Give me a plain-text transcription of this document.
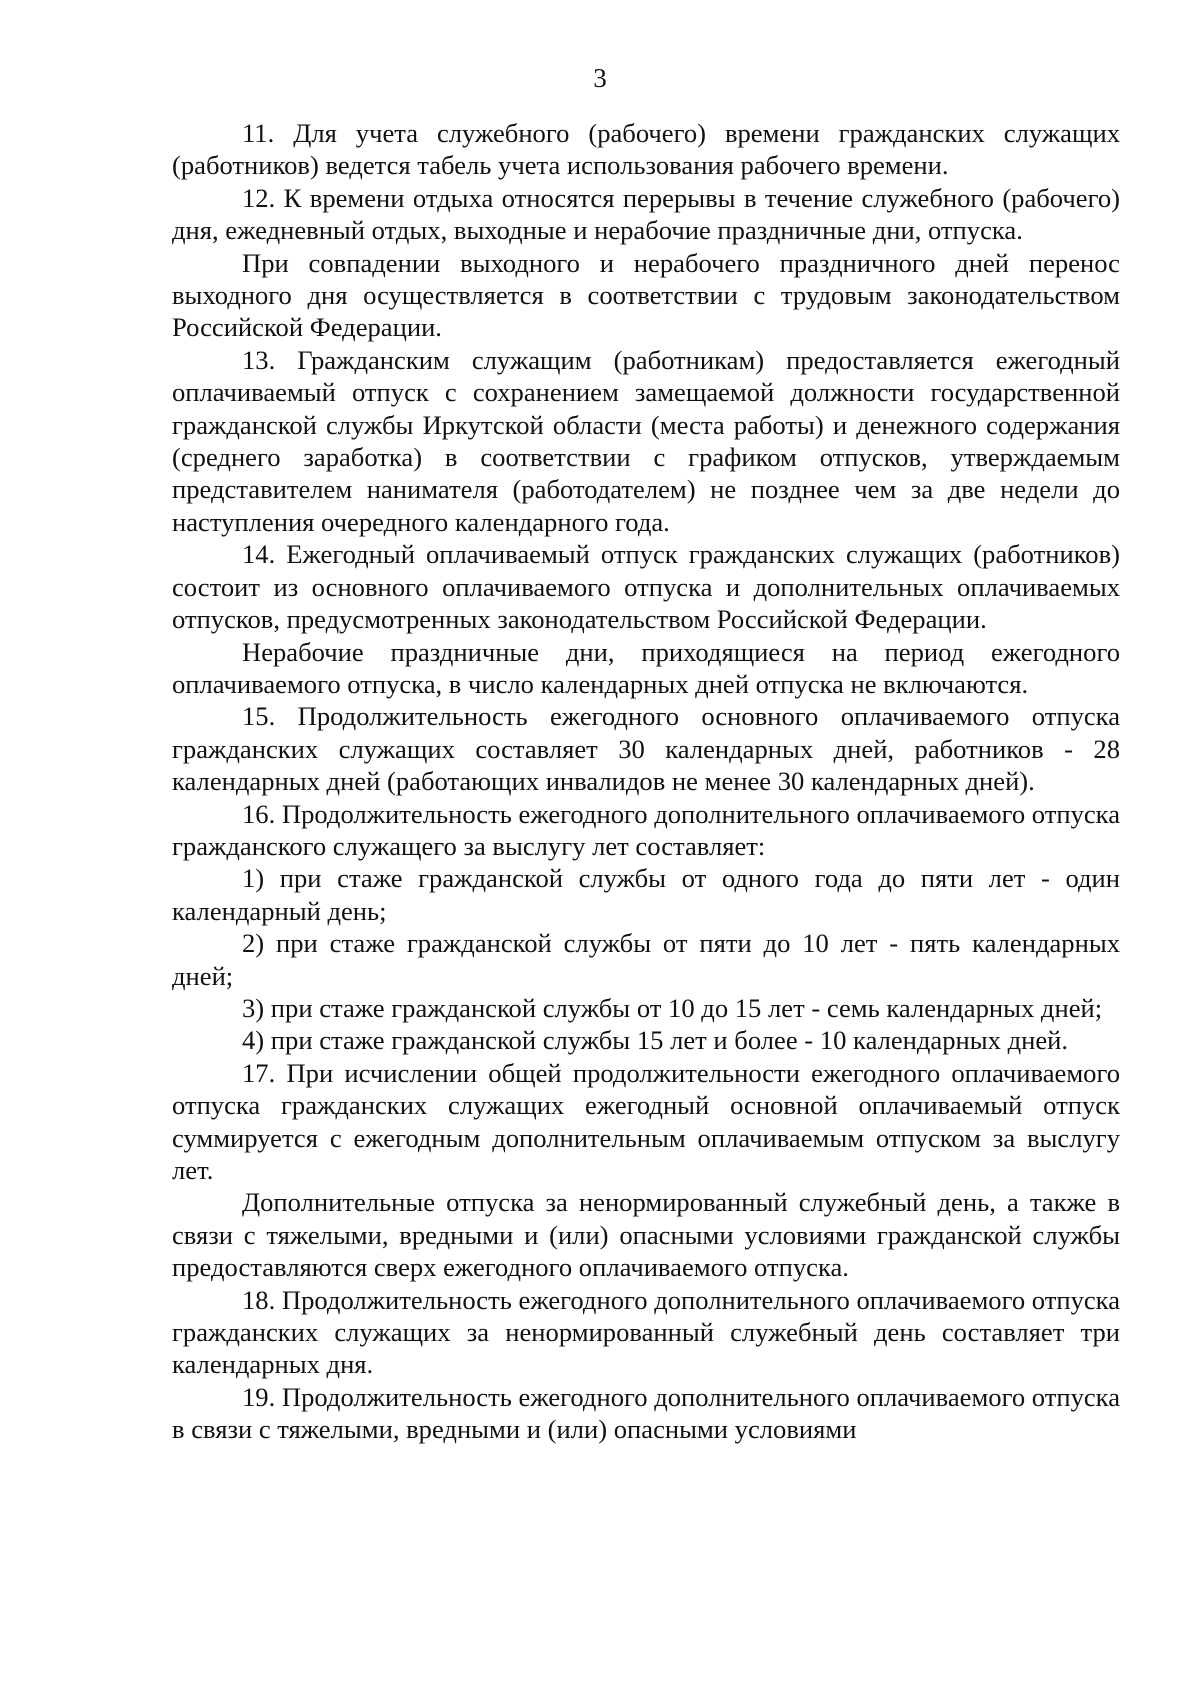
3

11. Для учета служебного (рабочего) времени гражданских служащих (работников) ведется табель учета использования рабочего времени.

12. К времени отдыха относятся перерывы в течение служебного (рабочего) дня, ежедневный отдых, выходные и нерабочие праздничные дни, отпуска.

При совпадении выходного и нерабочего праздничного дней перенос выходного дня осуществляется в соответствии с трудовым законодательством Российской Федерации.

13. Гражданским служащим (работникам) предоставляется ежегодный оплачиваемый отпуск с сохранением замещаемой должности государственной гражданской службы Иркутской области (места работы) и денежного содержания (среднего заработка) в соответствии с графиком отпусков, утверждаемым представителем нанимателя (работодателем) не позднее чем за две недели до наступления очередного календарного года.

14. Ежегодный оплачиваемый отпуск гражданских служащих (работников) состоит из основного оплачиваемого отпуска и дополнительных оплачиваемых отпусков, предусмотренных законодательством Российской Федерации.

Нерабочие праздничные дни, приходящиеся на период ежегодного оплачиваемого отпуска, в число календарных дней отпуска не включаются.

15. Продолжительность ежегодного основного оплачиваемого отпуска гражданских служащих составляет 30 календарных дней, работников - 28 календарных дней (работающих инвалидов не менее 30 календарных дней).

16. Продолжительность ежегодного дополнительного оплачиваемого отпуска гражданского служащего за выслугу лет составляет:

1) при стаже гражданской службы от одного года до пяти лет - один календарный день;

2) при стаже гражданской службы от пяти до 10 лет - пять календарных дней;

3) при стаже гражданской службы от 10 до 15 лет - семь календарных дней;

4) при стаже гражданской службы 15 лет и более - 10 календарных дней.

17. При исчислении общей продолжительности ежегодного оплачиваемого отпуска гражданских служащих ежегодный основной оплачиваемый отпуск суммируется с ежегодным дополнительным оплачиваемым отпуском за выслугу лет.

Дополнительные отпуска за ненормированный служебный день, а также в связи с тяжелыми, вредными и (или) опасными условиями гражданской службы предоставляются сверх ежегодного оплачиваемого отпуска.

18. Продолжительность ежегодного дополнительного оплачиваемого отпуска гражданских служащих за ненормированный служебный день составляет три календарных дня.

19. Продолжительность ежегодного дополнительного оплачиваемого отпуска в связи с тяжелыми, вредными и (или) опасными условиями
